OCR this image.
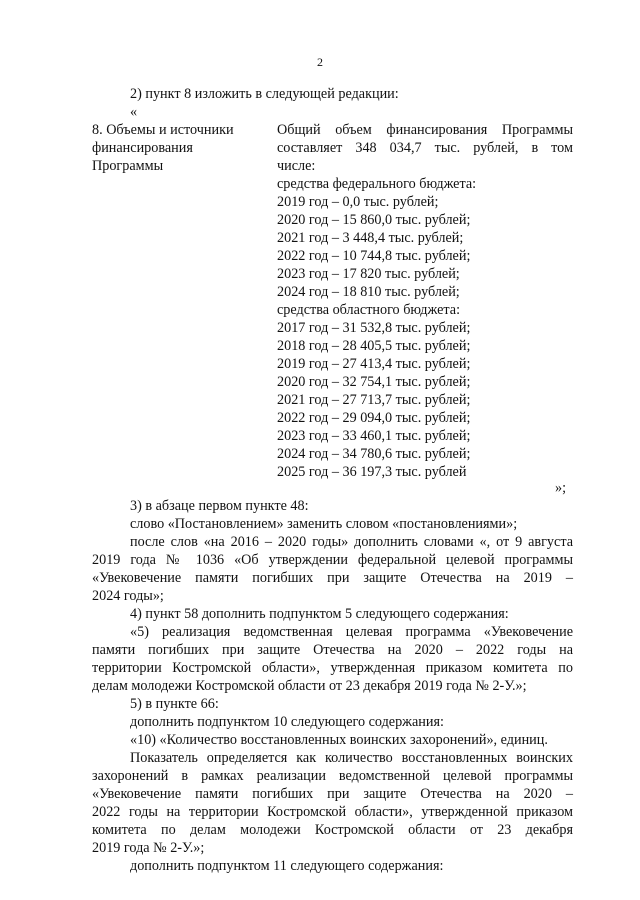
2
2) пункт 8 изложить в следующей редакции:
«
8. Объемы и источники
финансирования
Программы
Общий объем финансирования Программы
составляет 348 034,7 тыс. рублей, в том
числе:
средства федерального бюджета:
2019 год – 0,0 тыс. рублей;
2020 год – 15 860,0 тыс. рублей;
2021 год – 3 448,4 тыс. рублей;
2022 год – 10 744,8 тыс. рублей;
2023 год – 17 820 тыс. рублей;
2024 год – 18 810 тыс. рублей;
средства областного бюджета:
2017 год – 31 532,8 тыс. рублей;
2018 год – 28 405,5 тыс. рублей;
2019 год – 27 413,4 тыс. рублей;
2020 год – 32 754,1 тыс. рублей;
2021 год – 27 713,7 тыс. рублей;
2022 год – 29 094,0 тыс. рублей;
2023 год – 33 460,1 тыс. рублей;
2024 год – 34 780,6 тыс. рублей;
2025 год – 36 197,3 тыс. рублей
»;
3) в абзаце первом пункте 48:
слово «Постановлением» заменить словом «постановлениями»;
после слов «на 2016 – 2020 годы» дополнить словами «, от 9 августа
2019 года № 1036 «Об утверждении федеральной целевой программы
«Увековечение памяти погибших при защите Отечества на 2019 –
2024 годы»;
4) пункт 58 дополнить подпунктом 5 следующего содержания:
«5) реализация ведомственная целевая программа «Увековечение
памяти погибших при защите Отечества на 2020 – 2022 годы на
территории Костромской области», утвержденная приказом комитета по
делам молодежи Костромской области от 23 декабря 2019 года № 2-У.»;
5) в пункте 66:
дополнить подпунктом 10 следующего содержания:
«10) «Количество восстановленных воинских захоронений», единиц.
Показатель определяется как количество восстановленных воинских
захоронений в рамках реализации ведомственной целевой программы
«Увековечение памяти погибших при защите Отечества на 2020 –
2022 годы на территории Костромской области», утвержденной приказом
комитета по делам молодежи Костромской области от 23 декабря
2019 года № 2-У.»;
дополнить подпунктом 11 следующего содержания:
